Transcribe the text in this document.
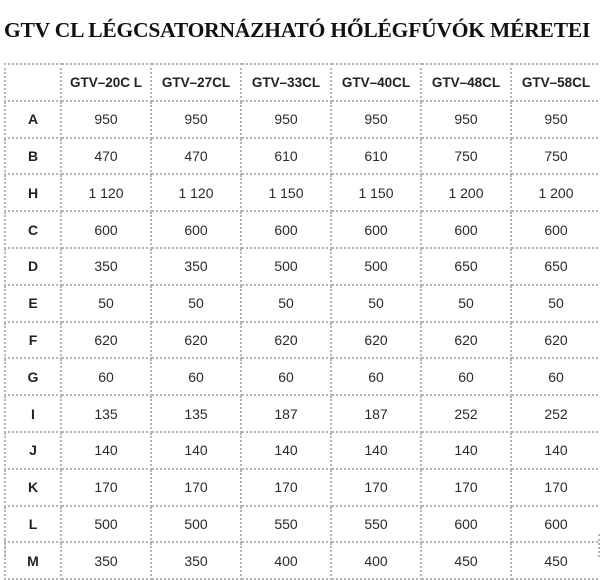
GTV CL LÉGCSATORNÁZHATÓ HŐLÉGFÚVÓK MÉRETEI
	GTV–20C L	GTV–27CL	GTV–33CL	GTV–40CL	GTV–48CL	GTV–58CL
A	950	950	950	950	950	950
B	470	470	610	610	750	750
H	1 120	1 120	1 150	1 150	1 200	1 200
C	600	600	600	600	600	600
D	350	350	500	500	650	650
E	50	50	50	50	50	50
F	620	620	620	620	620	620
G	60	60	60	60	60	60
I	135	135	187	187	252	252
J	140	140	140	140	140	140
K	170	170	170	170	170	170
L	500	500	550	550	600	600
M	350	350	400	400	450	450
